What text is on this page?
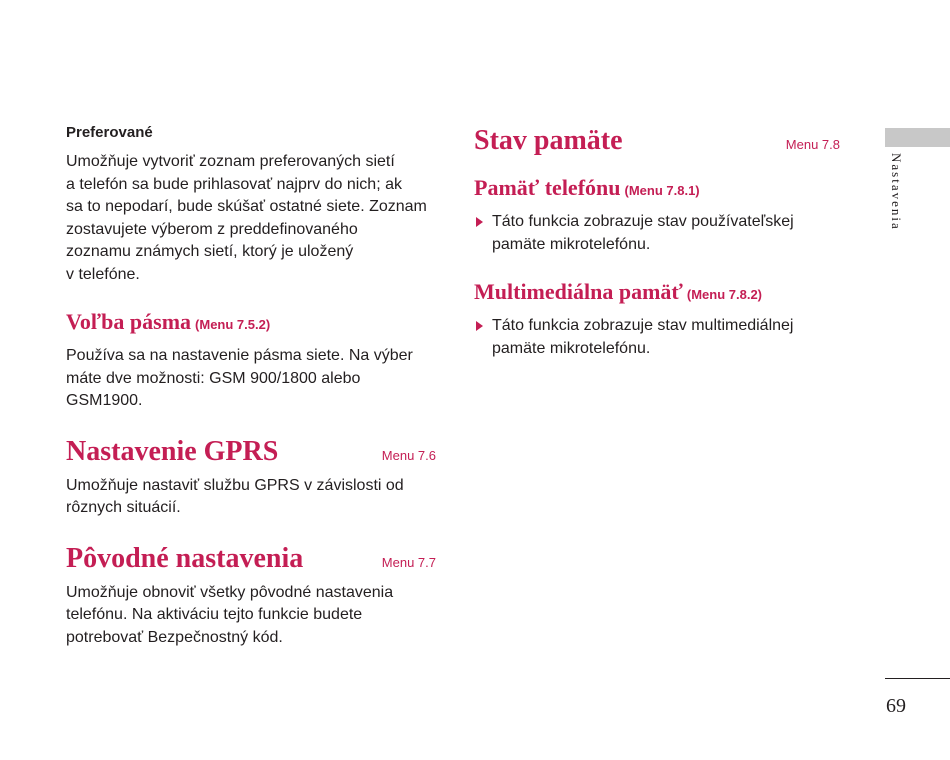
Preferované

Umožňuje vytvoriť zoznam preferovaných sietí
a telefón sa bude prihlasovať najprv do nich; ak
sa to nepodarí, bude skúšať ostatné siete. Zoznam
zostavujete výberom z preddefinovaného
zoznamu známych sietí, ktorý je uložený
v telefóne.

Voľba pásma (Menu 7.5.2)

Používa sa na nastavenie pásma siete. Na výber
máte dve možnosti: GSM 900/1800 alebo
GSM1900.

Nastavenie GPRS	Menu 7.6

Umožňuje nastaviť službu GPRS v závislosti od
rôznych situácií.

Pôvodné nastavenia	Menu 7.7

Umožňuje obnoviť všetky pôvodné nastavenia
telefónu. Na aktiváciu tejto funkcie budete
potrebovať Bezpečnostný kód.

Stav pamäte	Menu 7.8
Pamäť telefónu (Menu 7.8.1)
Táto funkcia zobrazuje stav používateľskej
pamäte mikrotelefónu.
Multimediálna pamäť (Menu 7.8.2)
Táto funkcia zobrazuje stav multimediálnej
pamäte mikrotelefónu.
Nastavenia
69
